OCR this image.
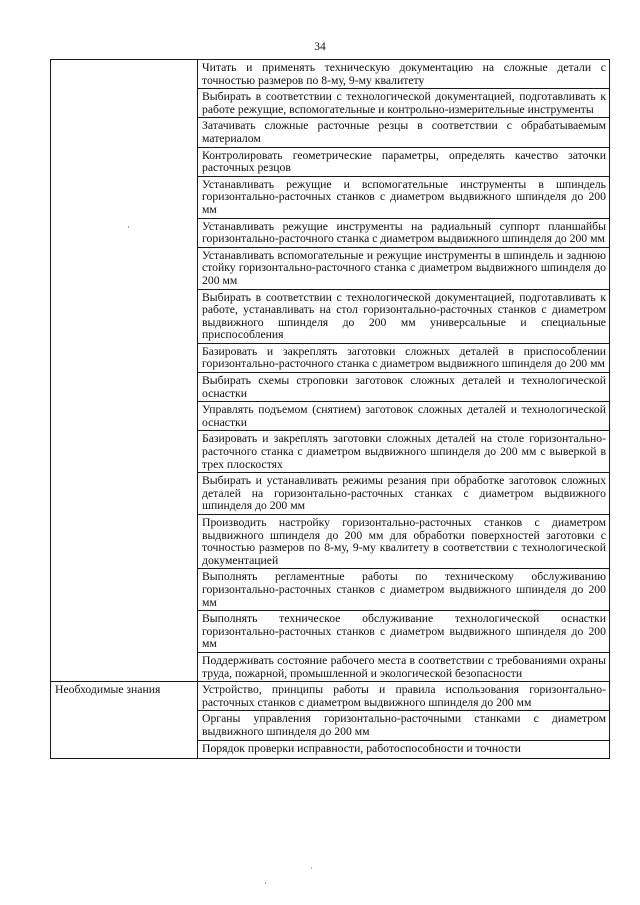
34
	Читать и применять техническую документацию на сложные детали с точностью размеров по 8-му, 9-му квалитету
	Выбирать в соответствии с технологической документацией, подготавливать к работе режущие, вспомогательные и контрольно-измерительные инструменты
	Затачивать сложные расточные резцы в соответствии с обрабатываемым материалом
	Контролировать геометрические параметры, определять качество заточки расточных резцов
	Устанавливать режущие и вспомогательные инструменты в шпиндель горизонтально-расточных станков с диаметром выдвижного шпинделя до 200 мм
	Устанавливать режущие инструменты на радиальный суппорт планшайбы горизонтально-расточного станка с диаметром выдвижного шпинделя до 200 мм
	Устанавливать вспомогательные и режущие инструменты в шпиндель и заднюю стойку горизонтально-расточного станка с диаметром выдвижного шпинделя до 200 мм
	Выбирать в соответствии с технологической документацией, подготавливать к работе, устанавливать на стол горизонтально-расточных станков с диаметром выдвижного шпинделя до 200 мм универсальные и специальные приспособления
	Базировать и закреплять заготовки сложных деталей в приспособлении горизонтально-расточного станка с диаметром выдвижного шпинделя до 200 мм
	Выбирать схемы строповки заготовок сложных деталей и технологической оснастки
	Управлять подъемом (снятием) заготовок сложных деталей и технологической оснастки
	Базировать и закреплять заготовки сложных деталей на столе горизонтально-расточного станка с диаметром выдвижного шпинделя до 200 мм с выверкой в трех плоскостях
	Выбирать и устанавливать режимы резания при обработке заготовок сложных деталей на горизонтально-расточных станках с диаметром выдвижного шпинделя до 200 мм
	Производить настройку горизонтально-расточных станков с диаметром выдвижного шпинделя до 200 мм для обработки поверхностей заготовки с точностью размеров по 8-му, 9-му квалитету в соответствии с технологической документацией
	Выполнять регламентные работы по техническому обслуживанию горизонтально-расточных станков с диаметром выдвижного шпинделя до 200 мм
	Выполнять техническое обслуживание технологической оснастки горизонтально-расточных станков с диаметром выдвижного шпинделя до 200 мм
	Поддерживать состояние рабочего места в соответствии с требованиями охраны труда, пожарной, промышленной и экологической безопасности
Необходимые знания	Устройство, принципы работы и правила использования горизонтально-расточных станков с диаметром выдвижного шпинделя до 200 мм
	Органы управления горизонтально-расточными станками с диаметром выдвижного шпинделя до 200 мм
	Порядок проверки исправности, работоспособности и точности
·
˙
·
